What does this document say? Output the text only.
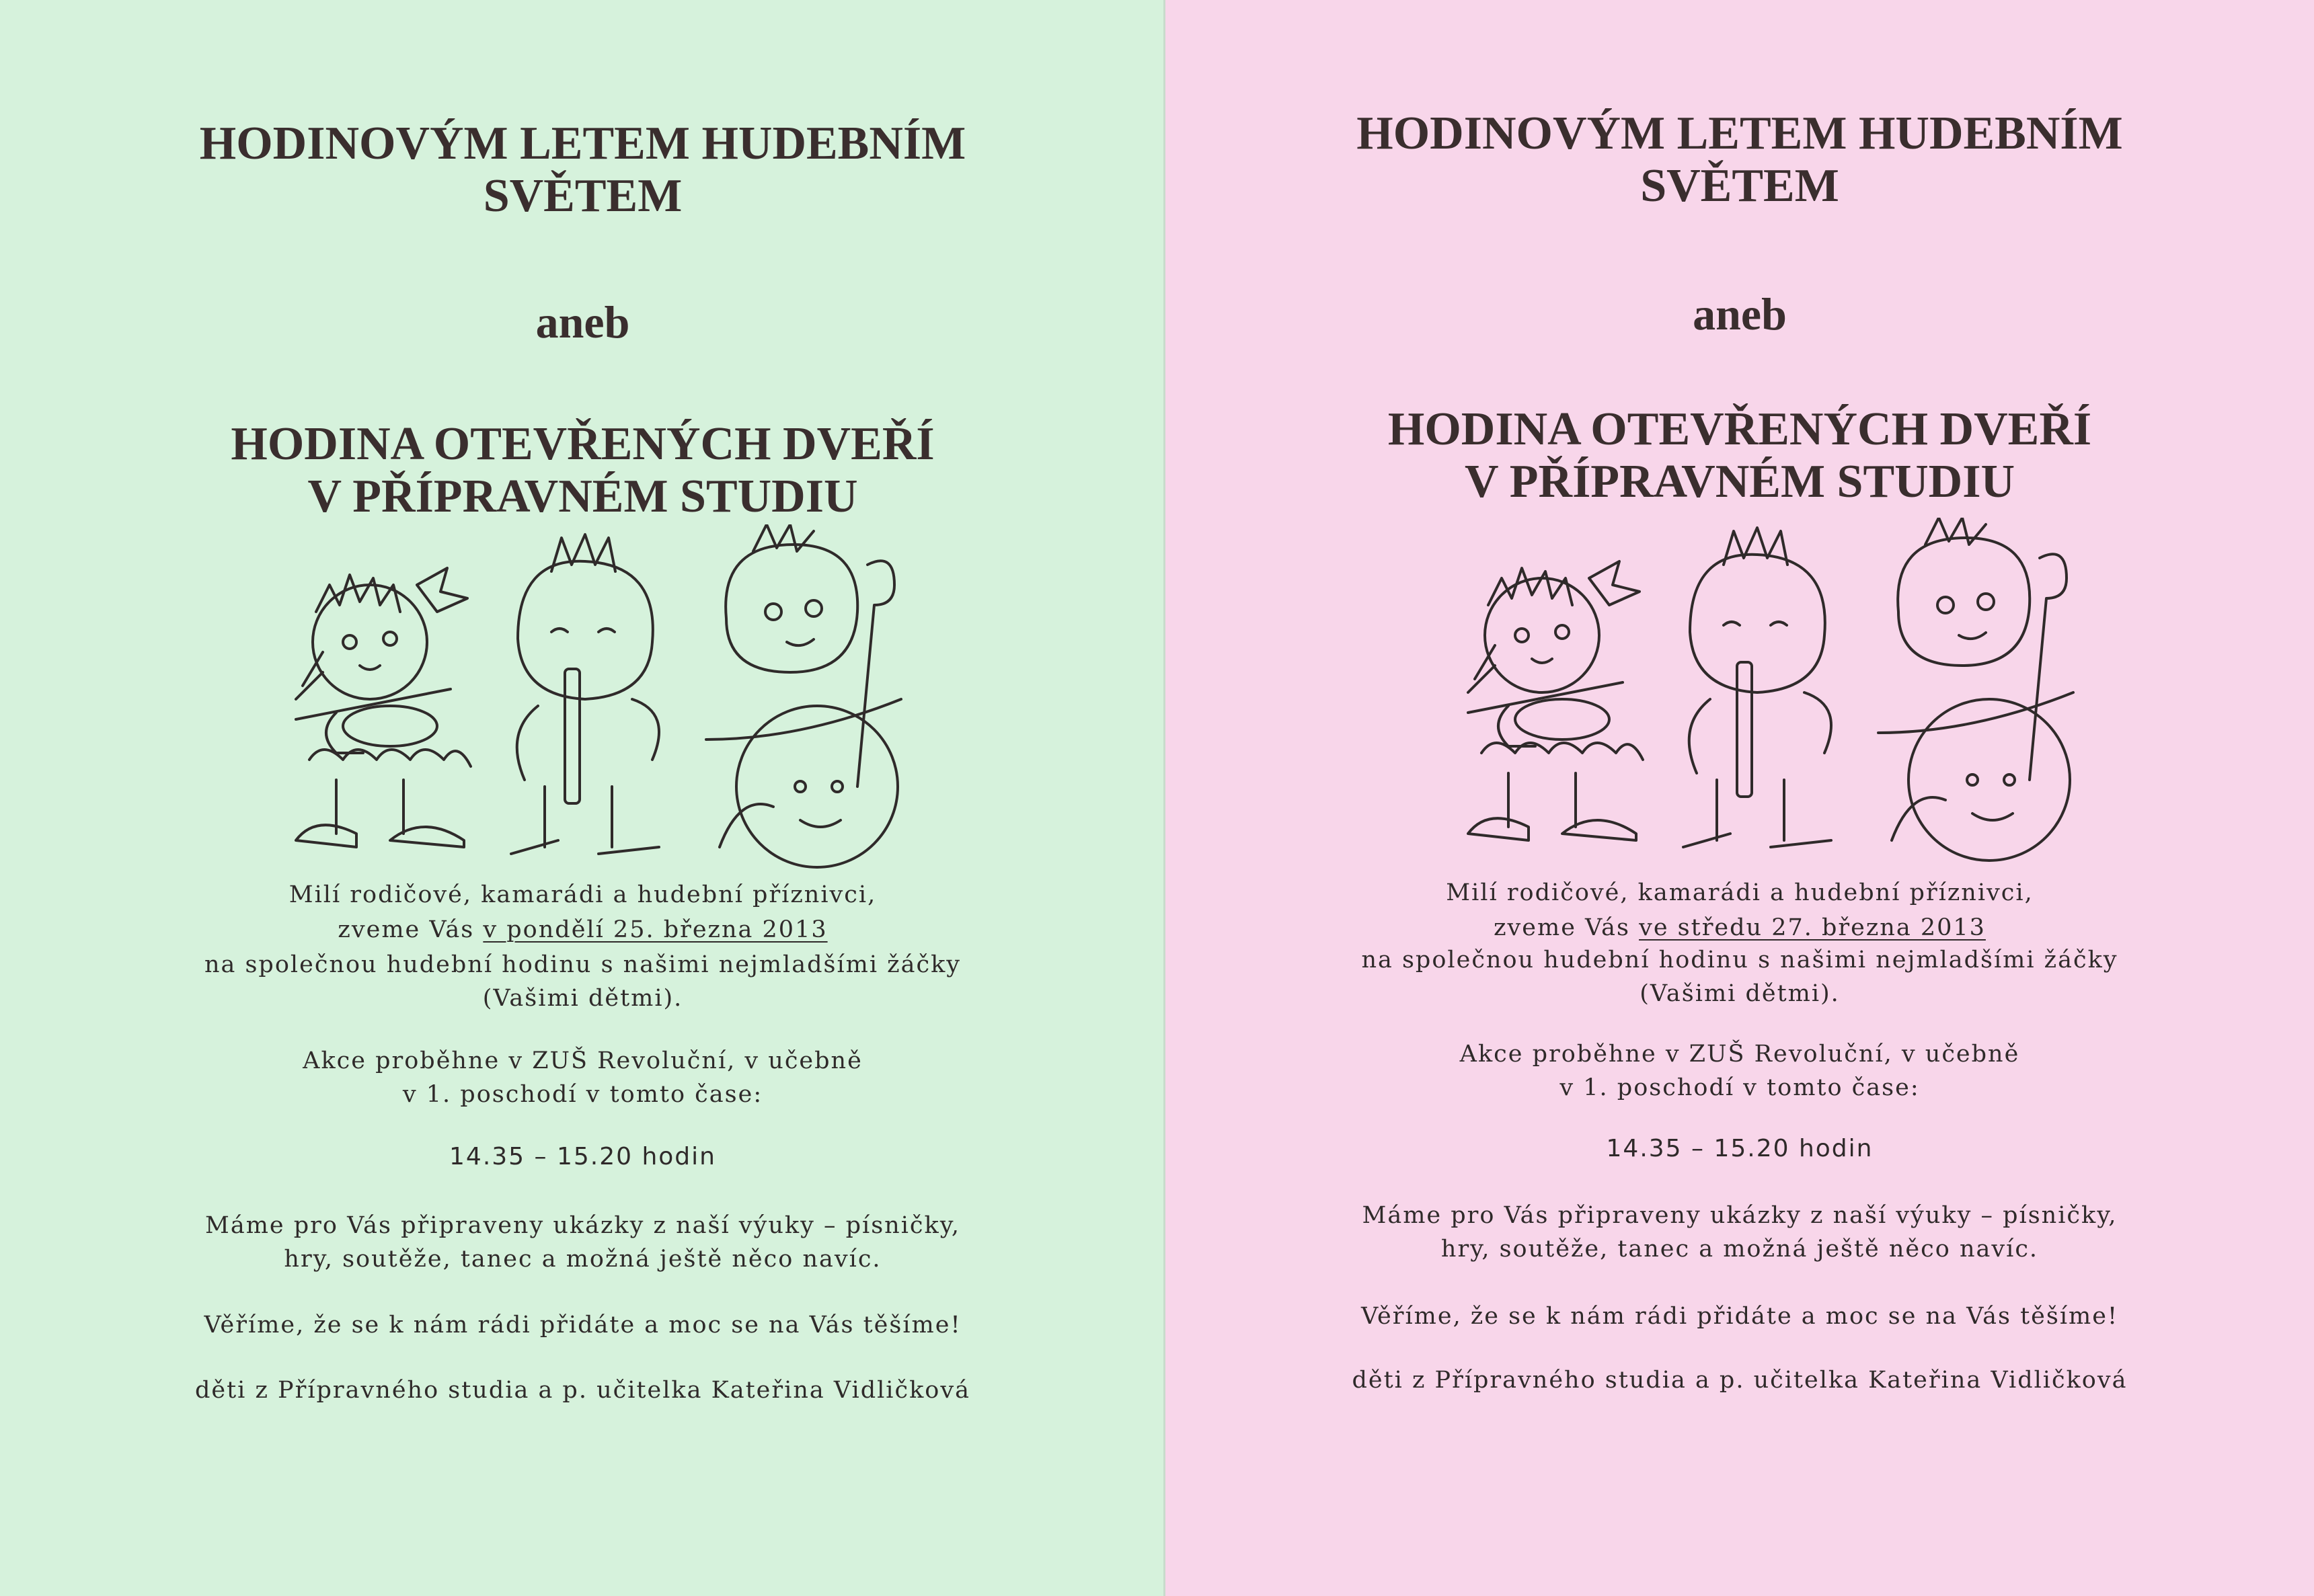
HODINOVÝM LETEM HUDEBNÍM
SVĚTEM
aneb
HODINA OTEVŘENÝCH DVEŘÍ
V PŘÍPRAVNÉM STUDIU
Milí rodičové, kamarádi a hudební příznivci,
zveme Vás v pondělí 25. března 2013
na společnou hudební hodinu s našimi nejmladšími žáčky
(Vašimi dětmi).
Akce proběhne v ZUŠ Revoluční, v učebně
v 1. poschodí v tomto čase:
14.35 – 15.20 hodin
Máme pro Vás připraveny ukázky z naší výuky – písničky,
hry, soutěže, tanec a možná ještě něco navíc.
Věříme, že se k nám rádi přidáte a moc se na Vás těšíme!
děti z Přípravného studia a p. učitelka Kateřina Vidličková
HODINOVÝM LETEM HUDEBNÍM
SVĚTEM
aneb
HODINA OTEVŘENÝCH DVEŘÍ
V PŘÍPRAVNÉM STUDIU
Milí rodičové, kamarádi a hudební příznivci,
zveme Vás ve středu 27. března 2013
na společnou hudební hodinu s našimi nejmladšími žáčky
(Vašimi dětmi).
Akce proběhne v ZUŠ Revoluční, v učebně
v 1. poschodí v tomto čase:
14.35 – 15.20 hodin
Máme pro Vás připraveny ukázky z naší výuky – písničky,
hry, soutěže, tanec a možná ještě něco navíc.
Věříme, že se k nám rádi přidáte a moc se na Vás těšíme!
děti z Přípravného studia a p. učitelka Kateřina Vidličková
